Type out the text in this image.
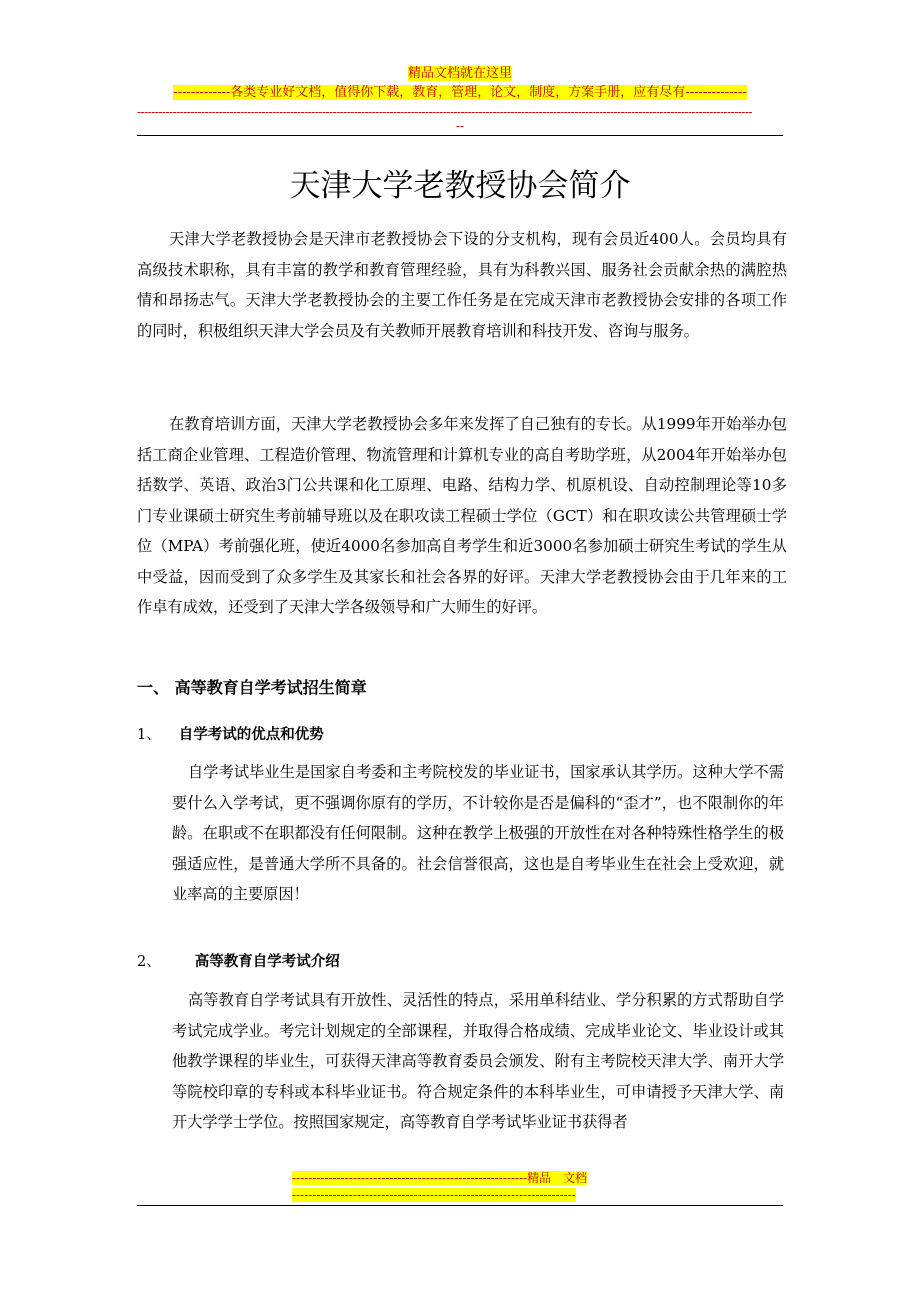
精品文档就在这里
-------------各类专业好文档，值得你下载，教育，管理，论文，制度，方案手册，应有尽有--------------
-----------------------------------------------------------------------------------------------------------------------------------------------------------------------------
--
天津大学老教授协会简介
天津大学老教授协会是天津市老教授协会下设的分支机构，现有会员近400人。会员均具有高级技术职称，具有丰富的教学和教育管理经验，具有为科教兴国、服务社会贡献余热的满腔热情和昂扬志气。天津大学老教授协会的主要工作任务是在完成天津市老教授协会安排的各项工作的同时，积极组织天津大学会员及有关教师开展教育培训和科技开发、咨询与服务。
在教育培训方面，天津大学老教授协会多年来发挥了自己独有的专长。从1999年开始举办包括工商企业管理、工程造价管理、物流管理和计算机专业的高自考助学班，从2004年开始举办包括数学、英语、政治3门公共课和化工原理、电路、结构力学、机原机设、自动控制理论等10多门专业课硕士研究生考前辅导班以及在职攻读工程硕士学位（GCT）和在职攻读公共管理硕士学位（MPA）考前强化班，使近4000名参加高自考学生和近3000名参加硕士研究生考试的学生从中受益，因而受到了众多学生及其家长和社会各界的好评。天津大学老教授协会由于几年来的工作卓有成效，还受到了天津大学各级领导和广大师生的好评。
一、 高等教育自学考试招生简章
1、 自学考试的优点和优势
自学考试毕业生是国家自考委和主考院校发的毕业证书，国家承认其学历。这种大学不需要什么入学考试，更不强调你原有的学历，不计较你是否是偏科的“歪才”，也不限制你的年龄。在职或不在职都没有任何限制。这种在教学上极强的开放性在对各种特殊性格学生的极强适应性，是普通大学所不具备的。社会信誉很高，这也是自考毕业生在社会上受欢迎，就业率高的主要原因！
2、 高等教育自学考试介绍
高等教育自学考试具有开放性、灵活性的特点，采用单科结业、学分积累的方式帮助自学考试完成学业。考完计划规定的全部课程，并取得合格成绩、完成毕业论文、毕业设计或其他教学课程的毕业生，可获得天津高等教育委员会颁发、附有主考院校天津大学、南开大学等院校印章的专科或本科毕业证书。符合规定条件的本科毕业生，可申请授予天津大学、南开大学学士学位。按照国家规定，高等教育自学考试毕业证书获得者
----------------------------------------------------------精品　文档
----------------------------------------------------------------------
